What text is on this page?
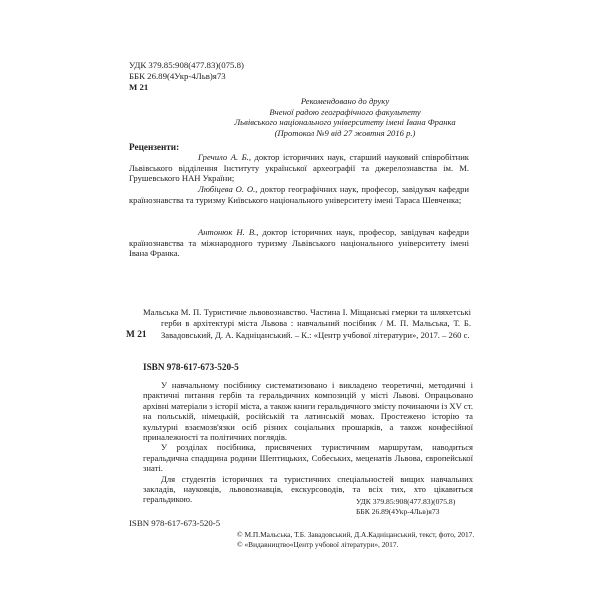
УДК 379.85:908(477.83)(075.8)
ББК 26.89(4Укр-4Льв)я73
М 21
Рекомендовано до друку
Вченої радою географічного факультету
Львівського національного університету імені Івана Франка
(Протокол №9 від 27 жовтня 2016 р.)
Рецензенти:
Гречило А. Б., доктор історичних наук, старший науковий співробітник Львівського відділення Інституту української археографії та джерелознавства ім. М. Грушевського НАН України;
Любіцева О. О., доктор географічних наук, професор, завідувач кафедри країнознавства та туризму Київського національного університету імені Тараса Шевченка;
Антонюк Н. В., доктор історичних наук, професор, завідувач кафедри країнознавства та міжнародного туризму Львівського національного університету імені Івана Франка.
М 21
Мальська М. П. Туристичне львовознавство. Частина І. Міщанські гмерки та шляхетські герби в архітектурі міста Львова : навчальний посібник / М. П. Мальська, Т. Б. Завадовський, Д. А. Кадніцанський. – К.: «Центр учбової літератури», 2017. – 260 с.
ISBN 978-617-673-520-5

У навчальному посібнику систематизовано і викладено теоретичні, методичні і практичні питання гербів та геральдичних композицій у місті Львові. Опрацьовано архівні матеріали з історії міста, а також книги геральдичного змісту починаючи із XV ст. на польській, німецькій, російській та латинській мовах. Простежено історію та культурні взаємозв'язки осіб різних соціальних прошарків, а також конфесійної приналежності та політичних поглядів.

У розділах посібника, присвячених туристичним маршрутам, наводиться геральдична спадщина родини Шептицьких, Собеських, меценатів Львова, європейської знаті.

Для студентів історичних та туристичних спеціальностей вищих навчальних закладів, науковців, львовознавців, екскурсоводів, та всіх тих, хто цікавиться геральдикою.	УДК 379.85:908(477.83)(075.8)
ББК 26.89(4Укр-4Льв)я73
ISBN 978-617-673-520-5
© М.П.Мальська, Т.Б. Завадовський, Д.А.Кадніцанський, текст, фото, 2017.
© «Видавництво«Центр учбової літератури», 2017.
